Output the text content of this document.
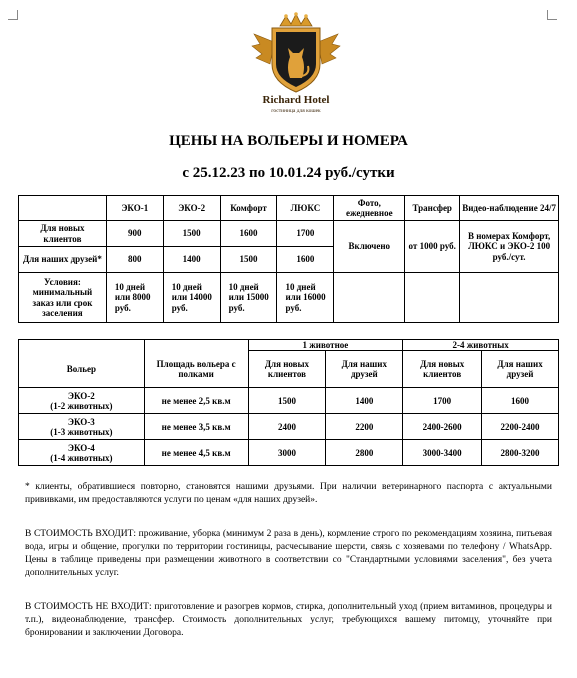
Richard Hotel
гостиница для кошек
ЦЕНЫ НА ВОЛЬЕРЫ И НОМЕРА
с 25.12.23 по 10.01.24 руб./сутки
	ЭКО-1	ЭКО-2	Комфорт	ЛЮКС	Фото, ежедневное	Трансфер	Видео-наблюдение 24/7
Для новых клиентов	900	1500	1600	1700	Включено	от 1000 руб.	В номерах Комфорт, ЛЮКС и ЭКО-2 100 руб./сут.
Для наших друзей*	800	1400	1500	1600			
Условия: минимальный заказ или срок заселения	10 дней или 8000 руб.	10 дней или 14000 руб.	10 дней или 15000 руб.	10 дней или 16000 руб.			
		1 животное		2-4 животных	
Вольер	Площадь вольера с полками	Для новых клиентов	Для наших друзей	Для новых клиентов	Для наших друзей
ЭКО-2
(1-2 животных)	не менее 2,5 кв.м	1500	1400	1700	1600
ЭКО-3
(1-3 животных)	не менее 3,5 кв.м	2400	2200	2400-2600	2200-2400
ЭКО-4
(1-4 животных)	не менее 4,5 кв.м	3000	2800	3000-3400	2800-3200
* клиенты, обратившиеся повторно, становятся нашими друзьями. При наличии ветеринарного паспорта с актуальными прививками, им предоставляются услуги по ценам «для наших друзей».
В СТОИМОСТЬ ВХОДИТ: проживание, уборка (минимум 2 раза в день), кормление строго по рекомендациям хозяина, питьевая вода, игры и общение, прогулки по территории гостиницы, расчесывание шерсти, связь с хозяевами по телефону / WhatsApp. Цены в таблице приведены при размещении животного в соответствии со "Стандартными условиями заселения", без учета дополнительных услуг.
В СТОИМОСТЬ НЕ ВХОДИТ: приготовление и разогрев кормов, стирка, дополнительный уход (прием витаминов, процедуры и т.п.), видеонаблюдение, трансфер. Стоимость дополнительных услуг, требующихся вашему питомцу, уточняйте при бронировании и заключении Договора.
